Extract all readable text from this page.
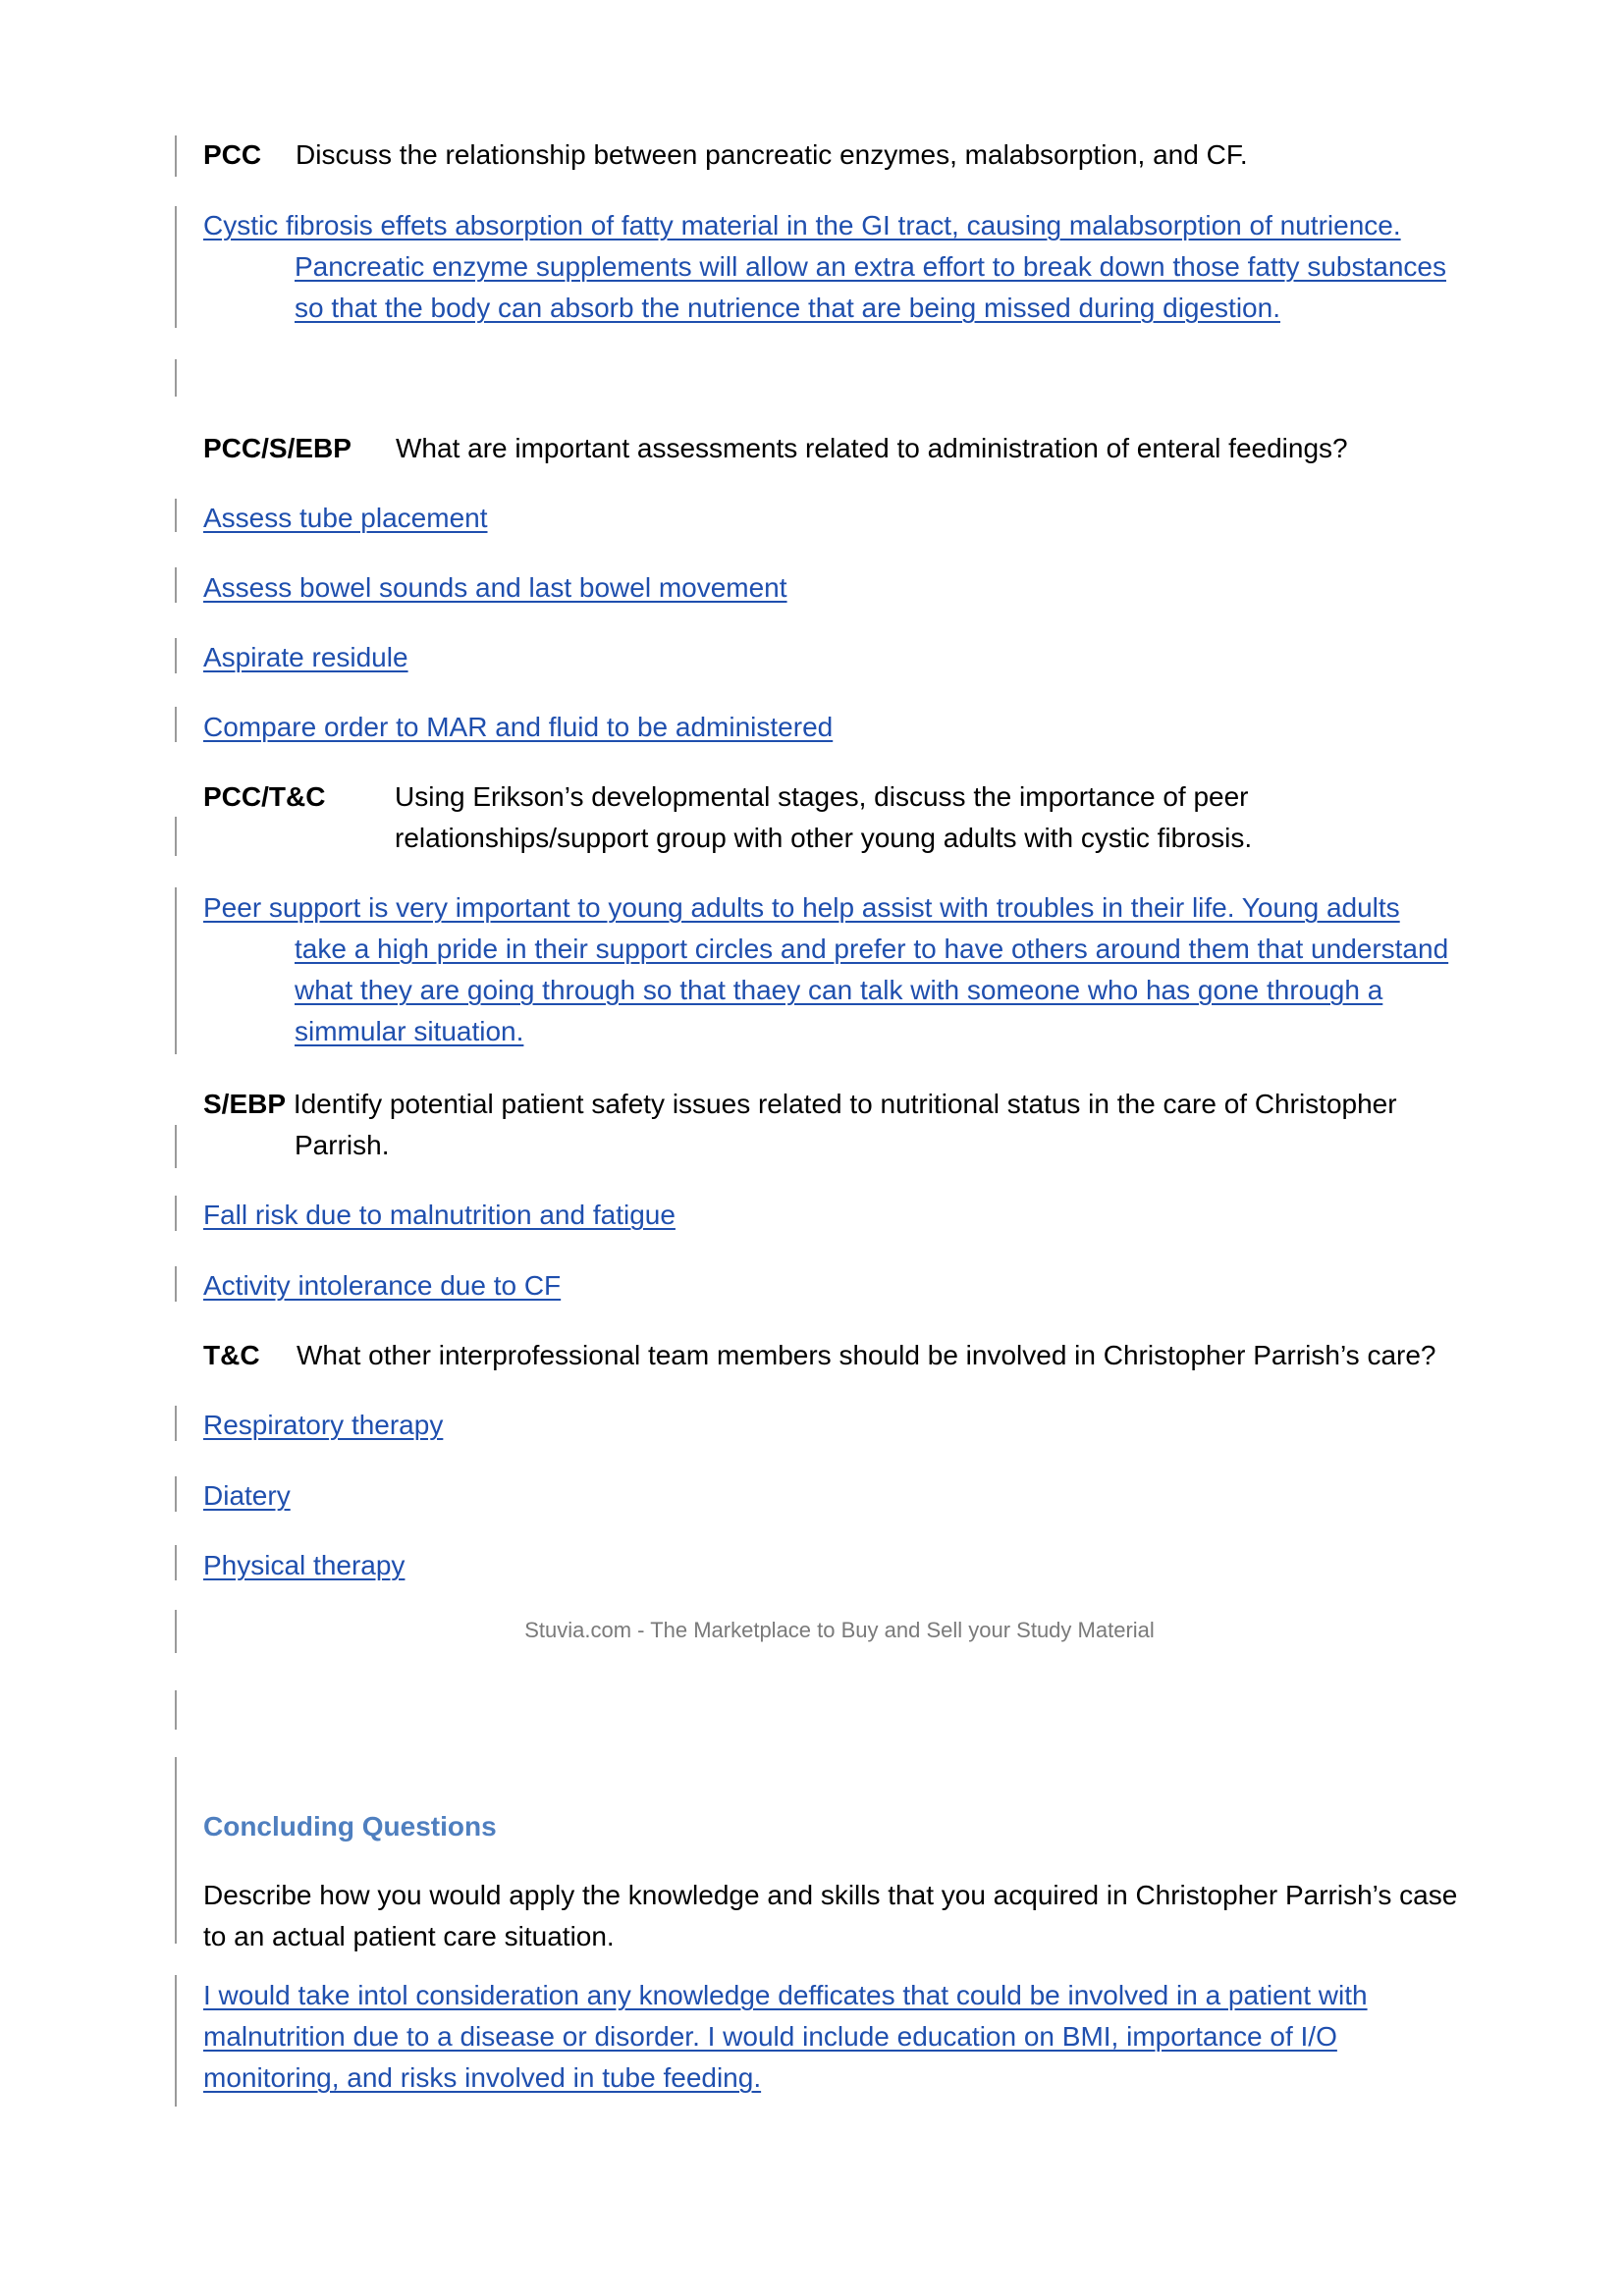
PCC Discuss the relationship between pancreatic enzymes, malabsorption, and CF.
Cystic fibrosis effets absorption of fatty material in the GI tract, causing malabsorption of nutrience.
Pancreatic enzyme supplements will allow an extra effort to break down those fatty substances
so that the body can absorb the nutrience that are being missed during digestion.
PCC/S/EBP What are important assessments related to administration of enteral feedings?
Assess tube placement
Assess bowel sounds and last bowel movement
Aspirate residule
Compare order to MAR and fluid to be administered
PCC/T&C	Using Erikson’s developmental stages, discuss the importance of peer
relationships/support group with other young adults with cystic fibrosis.
Peer support is very important to young adults to help assist with troubles in their life. Young adults
take a high pride in their support circles and prefer to have others around them that understand
what they are going through so that thaey can talk with someone who has gone through a
simmular situation.
S/EBP Identify potential patient safety issues related to nutritional status in the care of Christopher
Parrish.
Fall risk due to malnutrition and fatigue
Activity intolerance due to CF
T&C What other interprofessional team members should be involved in Christopher Parrish’s care?
Respiratory therapy
Diatery
Physical therapy
Stuvia.com - The Marketplace to Buy and Sell your Study Material
Concluding Questions
Describe how you would apply the knowledge and skills that you acquired in Christopher Parrish’s case
to an actual patient care situation.
I would take intol consideration any knowledge defficates that could be involved in a patient with
malnutrition due to a disease or disorder. I would include education on BMI, importance of I/O
monitoring, and risks involved in tube feeding.
